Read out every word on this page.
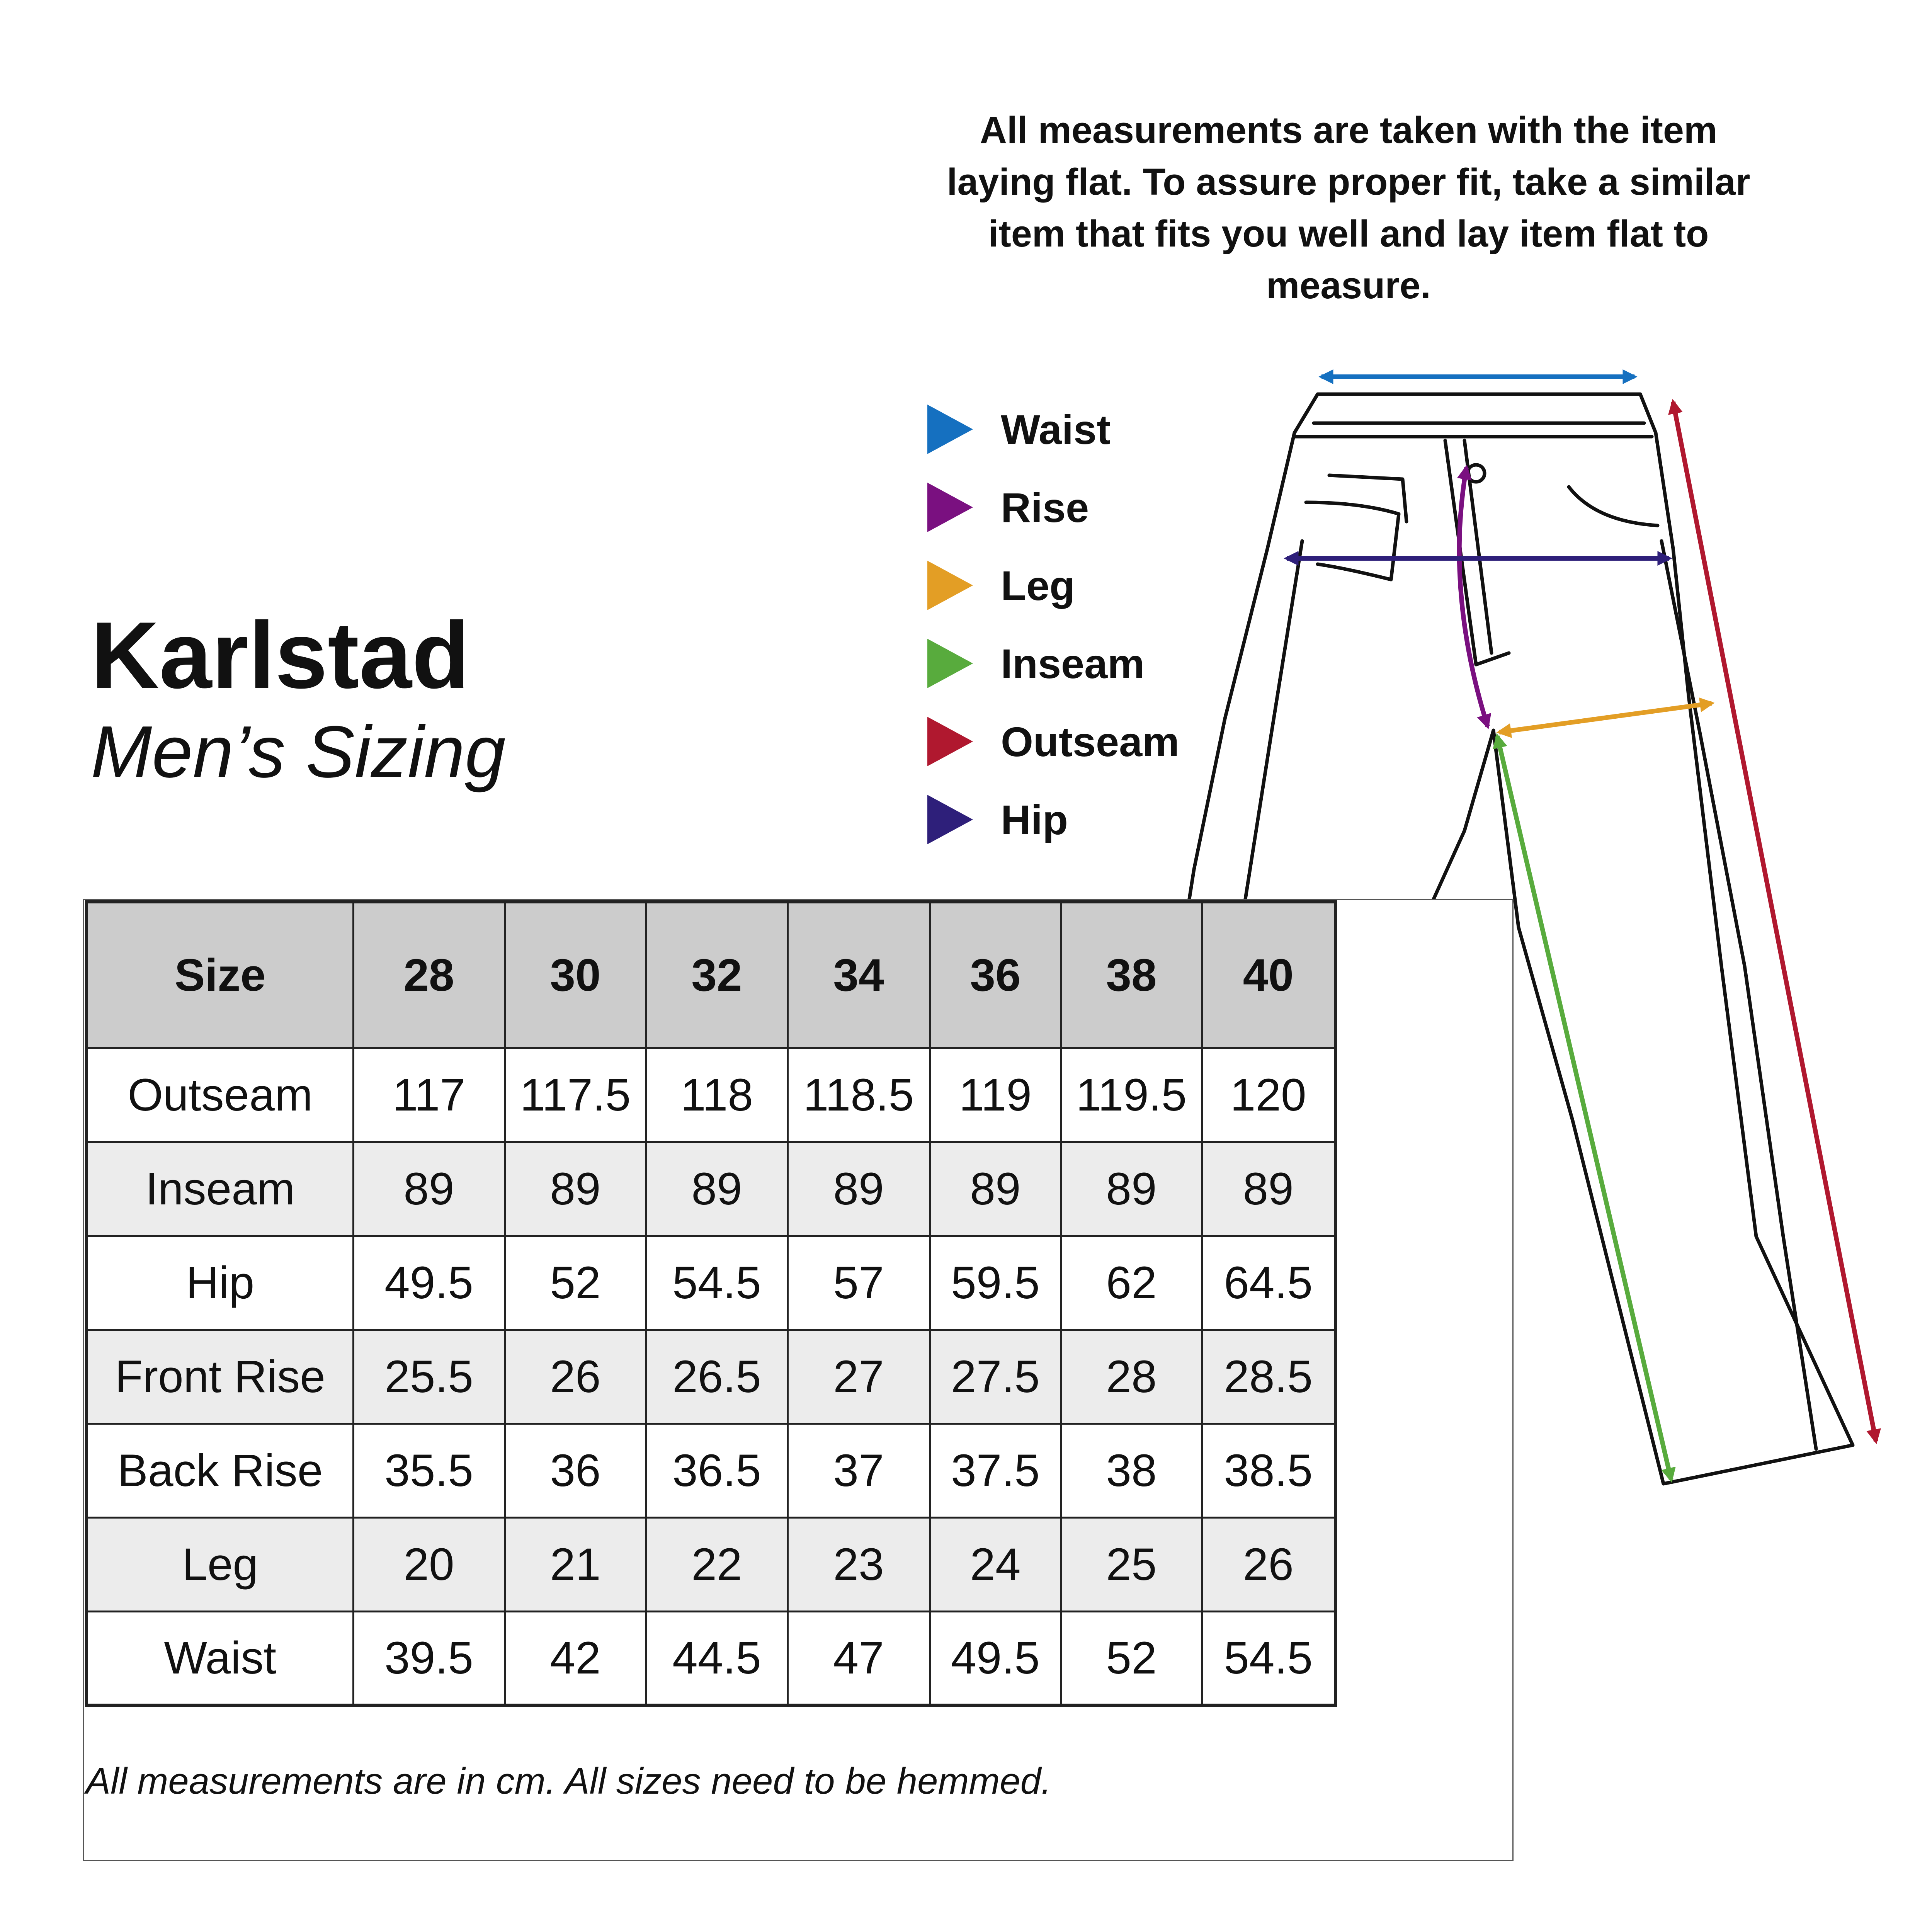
All measurements are taken with the item laying flat. To assure proper fit, take a similar item that fits you well and lay item flat to measure.
Waist
Rise
Leg
Inseam
Outseam
Hip
Karlstad
Men’s Sizing
Size	28	30	32	34	36	38	40
Outseam	117	117.5	118	118.5	119	119.5	120
Inseam	89	89	89	89	89	89	89
Hip	49.5	52	54.5	57	59.5	62	64.5
Front Rise	25.5	26	26.5	27	27.5	28	28.5
Back Rise	35.5	36	36.5	37	37.5	38	38.5
Leg	20	21	22	23	24	25	26
Waist	39.5	42	44.5	47	49.5	52	54.5
All measurements are in cm. All sizes need to be hemmed.
